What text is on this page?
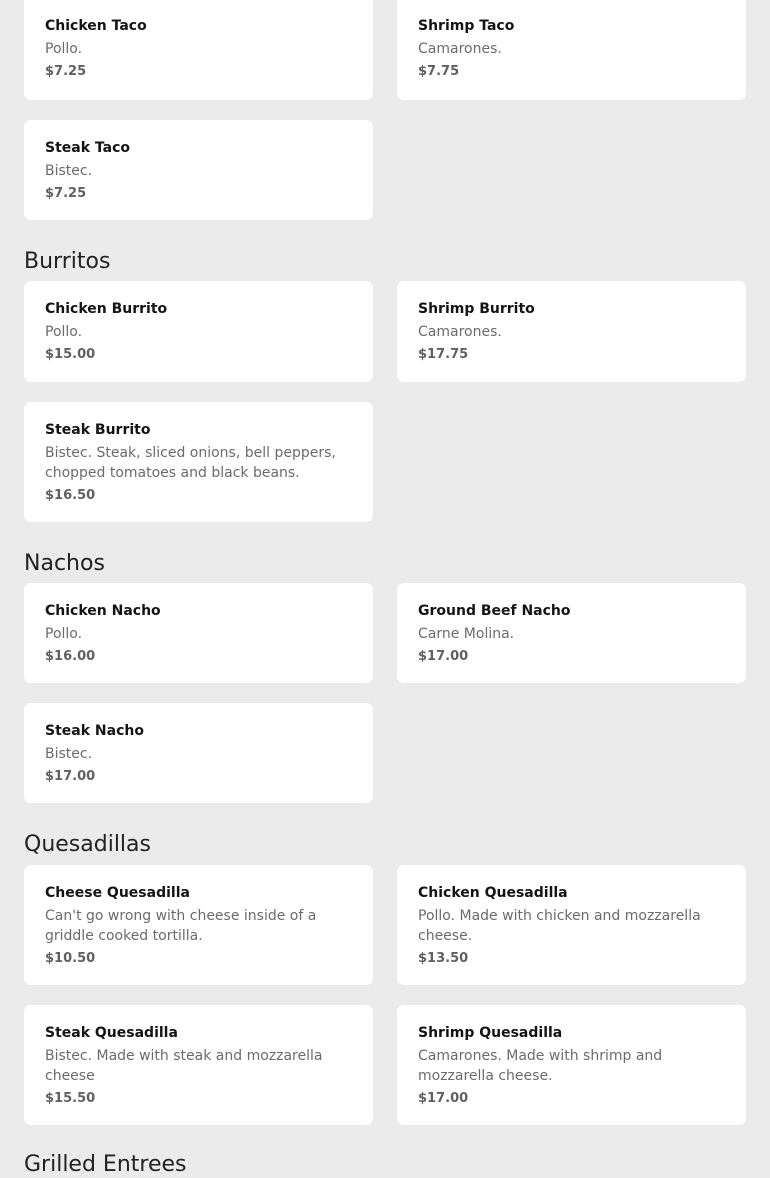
Chicken Taco
Pollo.
$7.25
Shrimp Taco
Camarones.
$7.75
Steak Taco
Bistec.
$7.25
Burritos
Chicken Burrito
Pollo.
$15.00
Shrimp Burrito
Camarones.
$17.75
Steak Burrito
Bistec. Steak, sliced onions, bell peppers, chopped tomatoes and black beans.
$16.50
Nachos
Chicken Nacho
Pollo.
$16.00
Ground Beef Nacho
Carne Molina.
$17.00
Steak Nacho
Bistec.
$17.00
Quesadillas
Cheese Quesadilla
Can't go wrong with cheese inside of a griddle cooked tortilla.
$10.50
Chicken Quesadilla
Pollo. Made with chicken and mozzarella cheese.
$13.50
Steak Quesadilla
Bistec. Made with steak and mozzarella cheese
$15.50
Shrimp Quesadilla
Camarones. Made with shrimp and mozzarella cheese.
$17.00
Grilled Entrees
